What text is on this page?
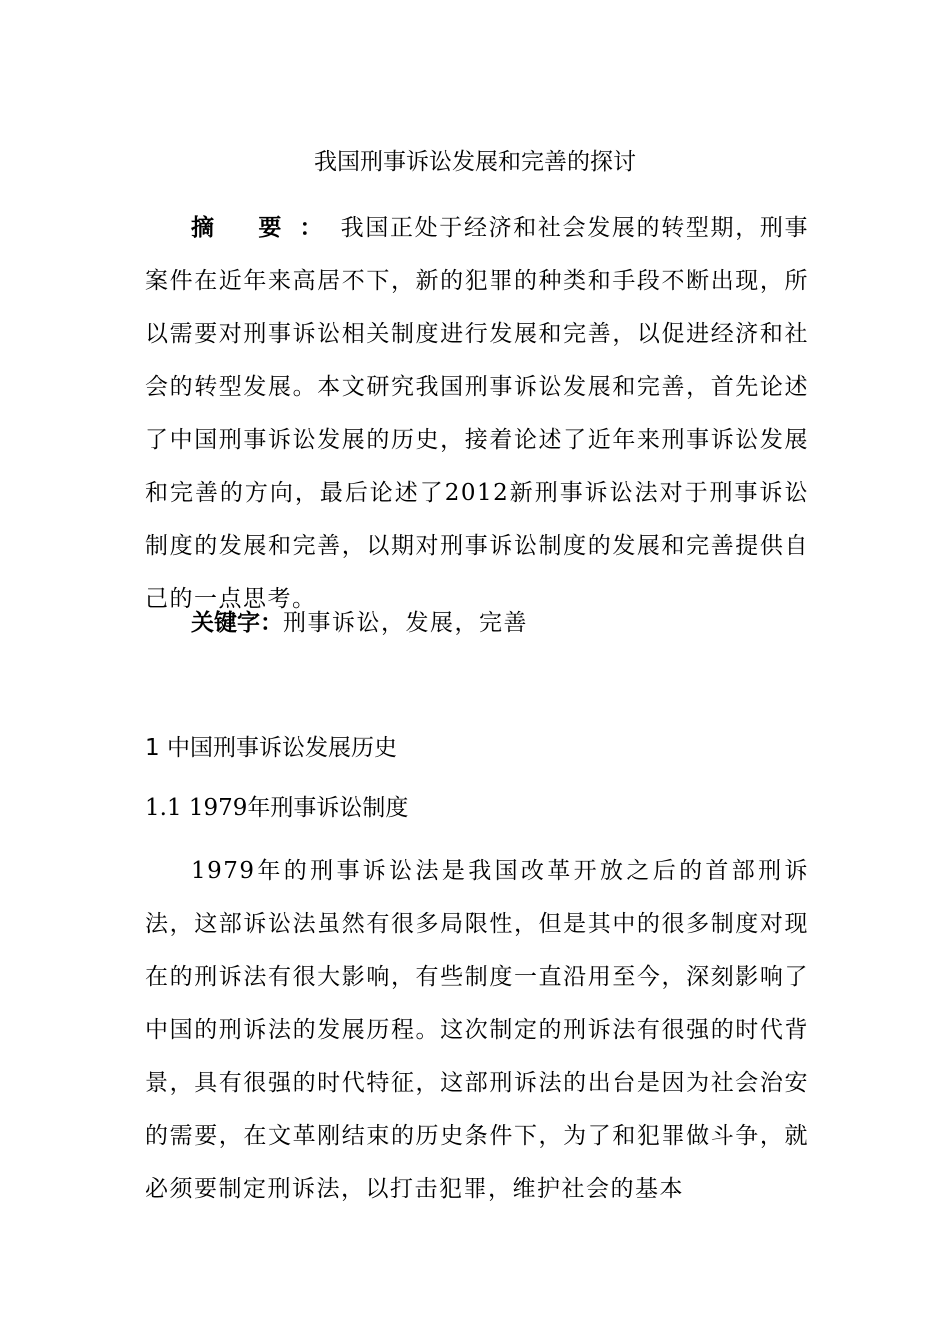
我国刑事诉讼发展和完善的探讨

摘 要：我国正处于经济和社会发展的转型期，刑事案件在近年来高居不下，新的犯罪的种类和手段不断出现，所以需要对刑事诉讼相关制度进行发展和完善，以促进经济和社会的转型发展。本文研究我国刑事诉讼发展和完善，首先论述了中国刑事诉讼发展的历史，接着论述了近年来刑事诉讼发展和完善的方向，最后论述了2012新刑事诉讼法对于刑事诉讼制度的发展和完善，以期对刑事诉讼制度的发展和完善提供自己的一点思考。

关键字：刑事诉讼，发展，完善
1 中国刑事诉讼发展历史
1.1 1979年刑事诉讼制度

1979年的刑事诉讼法是我国改革开放之后的首部刑诉法，这部诉讼法虽然有很多局限性，但是其中的很多制度对现在的刑诉法有很大影响，有些制度一直沿用至今，深刻影响了中国的刑诉法的发展历程。这次制定的刑诉法有很强的时代背景，具有很强的时代特征，这部刑诉法的出台是因为社会治安的需要，在文革刚结束的历史条件下，为了和犯罪做斗争，就必须要制定刑诉法，以打击犯罪，维护社会的基本
